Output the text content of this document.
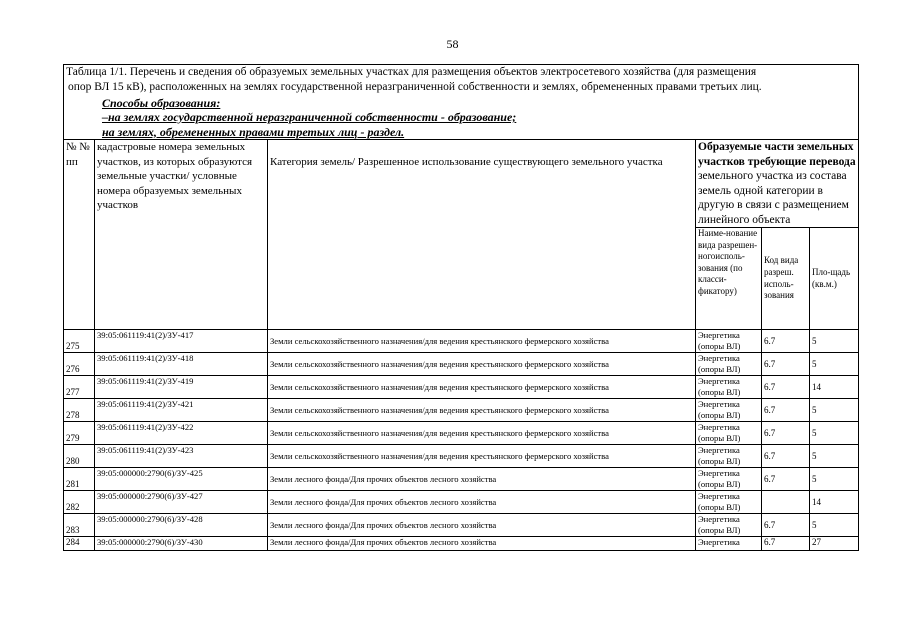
58
Таблица 1/1. Перечень и сведения об образуемых земельных участках для размещения объектов электросетевого хозяйства (для размещения
опор ВЛ 15 кВ), расположенных на землях государственной неразграниченной собственности и землях, обремененных правами третьих лиц.
Способы образования:
–на землях государственной неразграниченной собственности - образование;
на землях, обремененных правами третьих лиц - раздел.					

№ № пп	кадастровые номера земельных участков, из которых образуются земельные участки/ условные номера образуемых земельных участков	Категория земель/ Разрешенное использование существующего земельного участка	Образуемые части земельных участков требующие перевода земельного участка из состава земель одной категории в другую в связи с размещением линейного объекта		
			Наиме-нование вида разрешен-ногоисполь-зования (по класси-фикатору)	Код вида разреш. исполь-зования	Пло-щадь (кв.м.)
275	39:05:061119:41(2)/ЗУ-417	Земли сельскохозяйственного назначения/для ведения крестьянского фермерского хозяйства	Энергетика (опоры ВЛ)	6.7	5
276	39:05:061119:41(2)/ЗУ-418	Земли сельскохозяйственного назначения/для ведения крестьянского фермерского хозяйства	Энергетика (опоры ВЛ)	6.7	5
277	39:05:061119:41(2)/ЗУ-419	Земли сельскохозяйственного назначения/для ведения крестьянского фермерского хозяйства	Энергетика (опоры ВЛ)	6.7	14
278	39:05:061119:41(2)/ЗУ-421	Земли сельскохозяйственного назначения/для ведения крестьянского фермерского хозяйства	Энергетика (опоры ВЛ)	6.7	5
279	39:05:061119:41(2)/ЗУ-422	Земли сельскохозяйственного назначения/для ведения крестьянского фермерского хозяйства	Энергетика (опоры ВЛ)	6.7	5
280	39:05:061119:41(2)/ЗУ-423	Земли сельскохозяйственного назначения/для ведения крестьянского фермерского хозяйства	Энергетика (опоры ВЛ)	6.7	5
281	39:05:000000:2790(6)/ЗУ-425	Земли лесного фонда/Для прочих объектов лесного хозяйства	Энергетика (опоры ВЛ)	6.7	5
282	39:05:000000:2790(6)/ЗУ-427	Земли лесного фонда/Для прочих объектов лесного хозяйства	Энергетика (опоры ВЛ)		14
283	39:05:000000:2790(6)/ЗУ-428	Земли лесного фонда/Для прочих объектов лесного хозяйства	Энергетика (опоры ВЛ)	6.7	5
284	39:05:000000:2790(6)/ЗУ-430	Земли лесного фонда/Для прочих объектов лесного хозяйства	Энергетика	6.7	27
